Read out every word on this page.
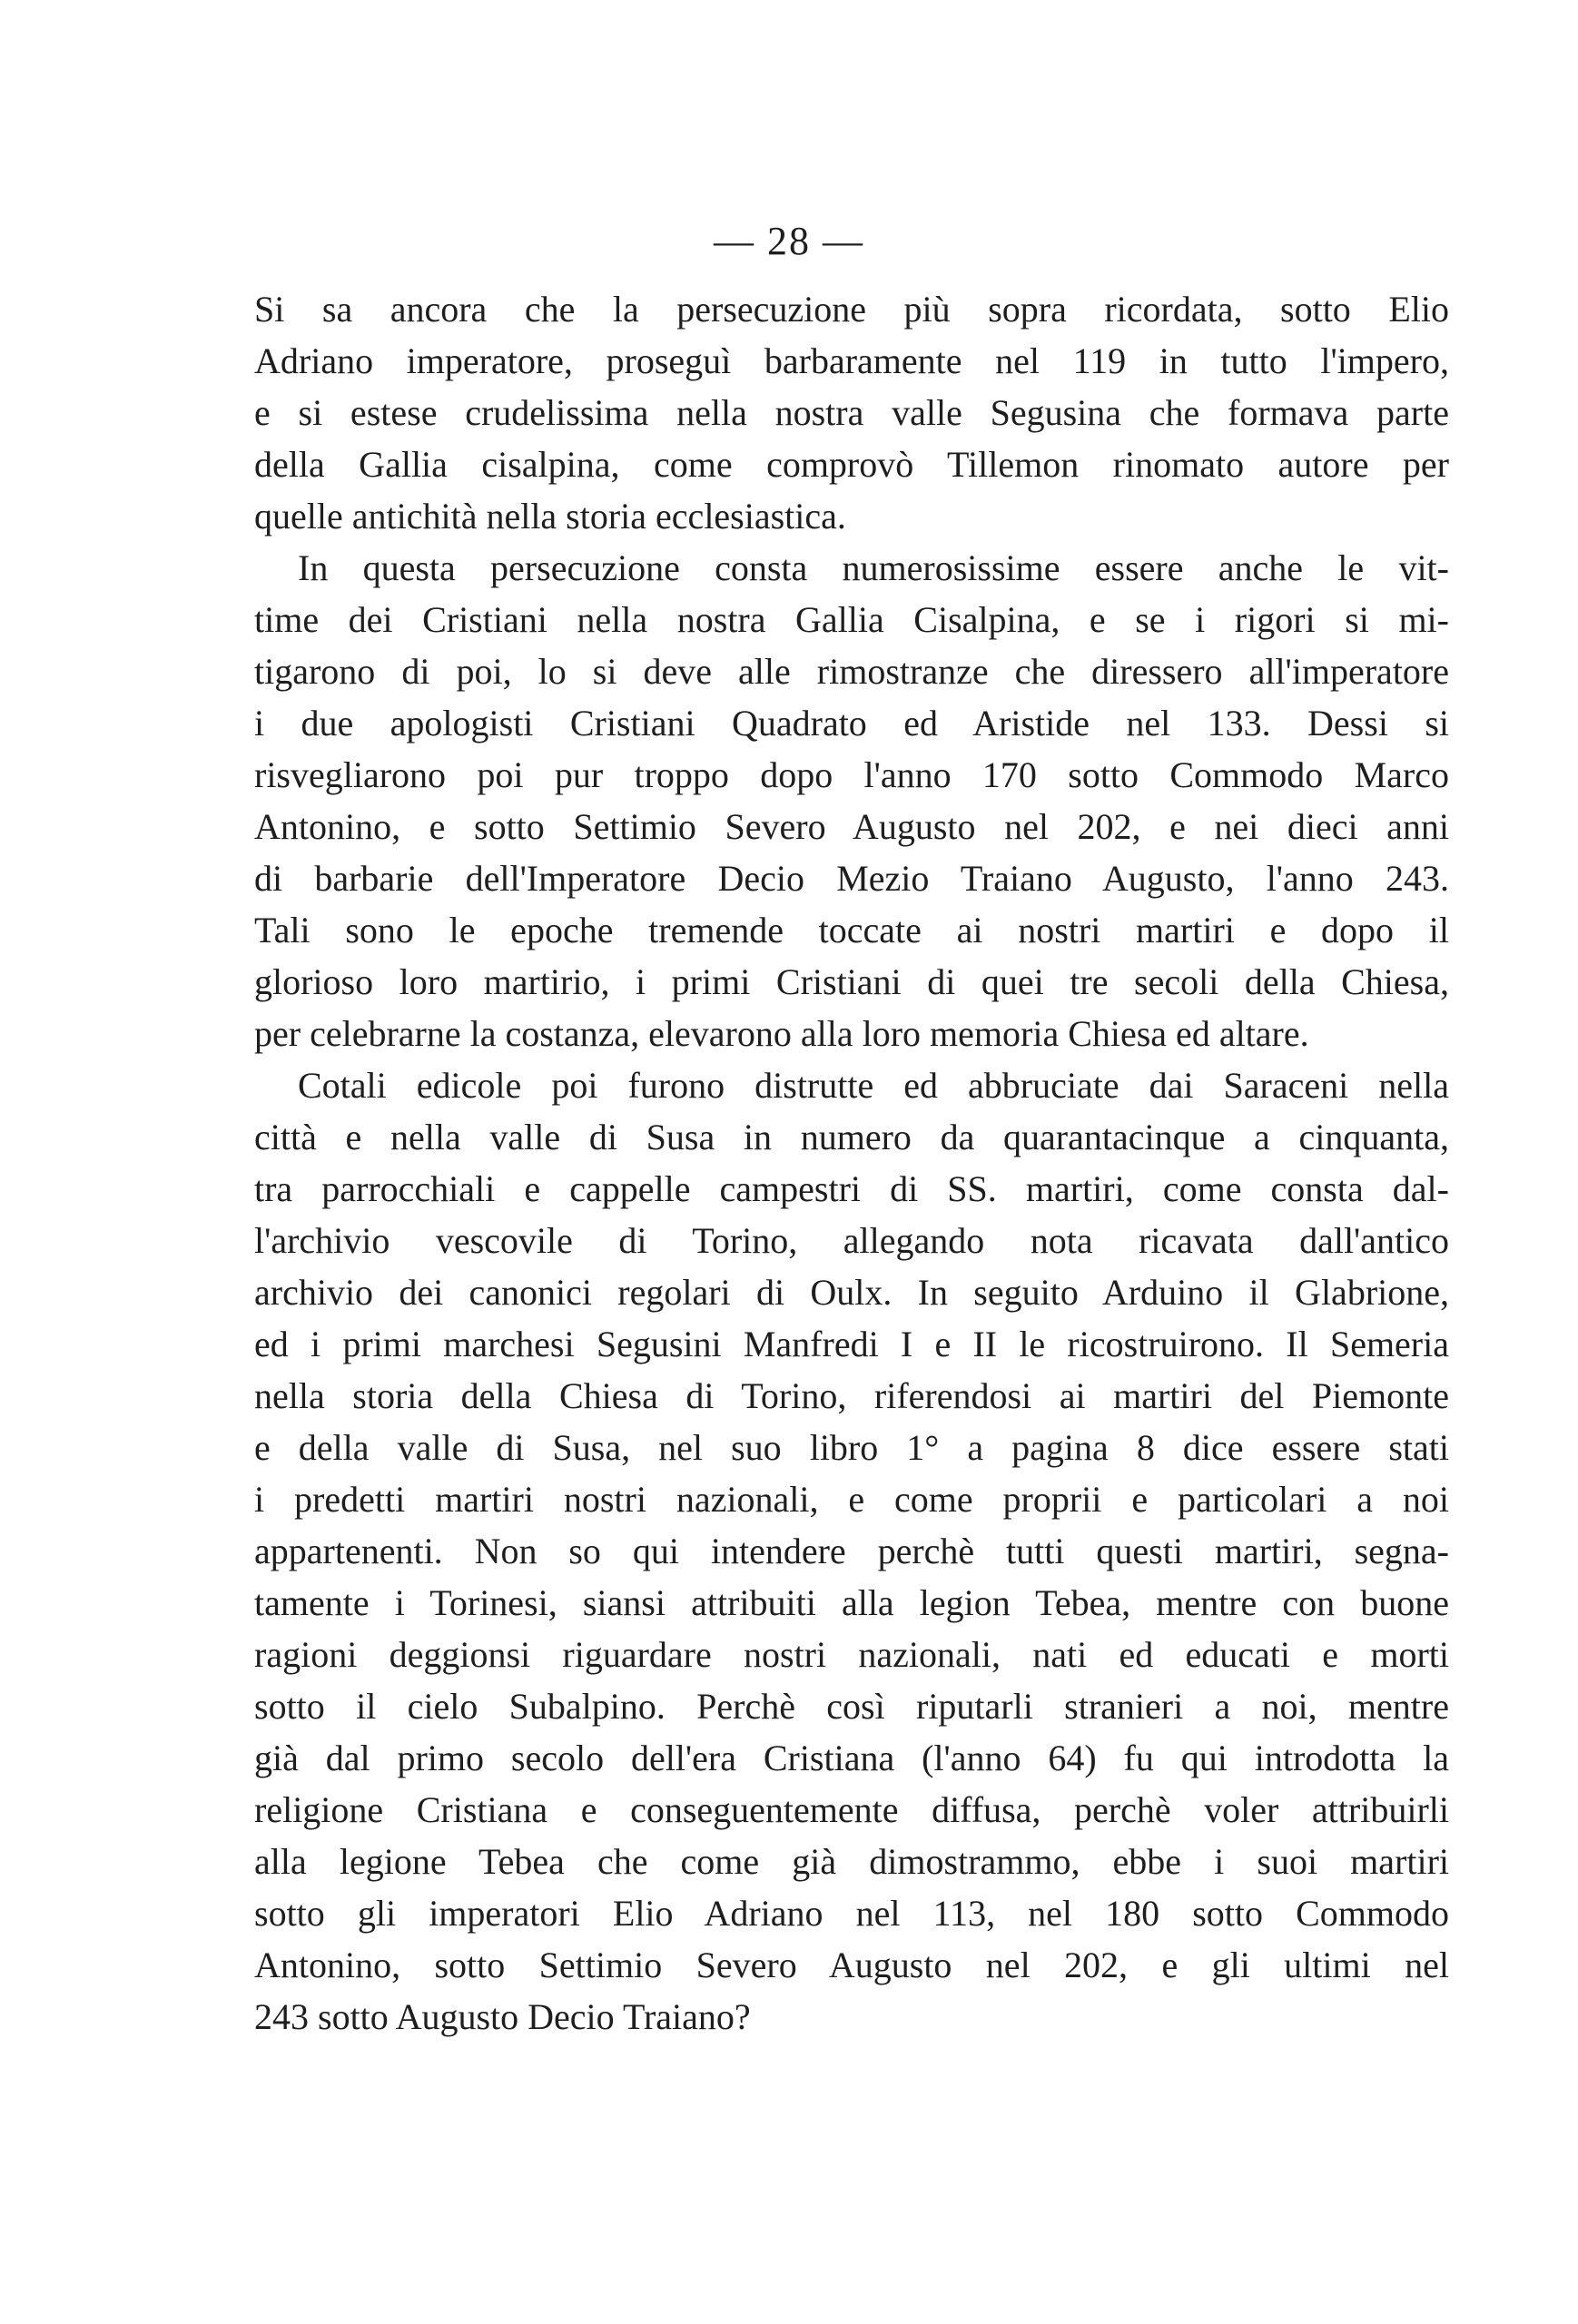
— 28 —
Si sa ancora che la persecuzione più sopra ricordata, sotto Elio
Adriano imperatore, proseguì barbaramente nel 119 in tutto l'impero,
e si estese crudelissima nella nostra valle Segusina che formava parte
della Gallia cisalpina, come comprovò Tillemon rinomato autore per
quelle antichità nella storia ecclesiastica.
In questa persecuzione consta numerosissime essere anche le vit-
time dei Cristiani nella nostra Gallia Cisalpina, e se i rigori si mi-
tigarono di poi, lo si deve alle rimostranze che diressero all'imperatore
i due apologisti Cristiani Quadrato ed Aristide nel 133. Dessi si
risvegliarono poi pur troppo dopo l'anno 170 sotto Commodo Marco
Antonino, e sotto Settimio Severo Augusto nel 202, e nei dieci anni
di barbarie dell'Imperatore Decio Mezio Traiano Augusto, l'anno 243.
Tali sono le epoche tremende toccate ai nostri martiri e dopo il
glorioso loro martirio, i primi Cristiani di quei tre secoli della Chiesa,
per celebrarne la costanza, elevarono alla loro memoria Chiesa ed altare.
Cotali edicole poi furono distrutte ed abbruciate dai Saraceni nella
città e nella valle di Susa in numero da quarantacinque a cinquanta,
tra parrocchiali e cappelle campestri di SS. martiri, come consta dal-
l'archivio vescovile di Torino, allegando nota ricavata dall'antico
archivio dei canonici regolari di Oulx. In seguito Arduino il Glabrione,
ed i primi marchesi Segusini Manfredi I e II le ricostruirono. Il Semeria
nella storia della Chiesa di Torino, riferendosi ai martiri del Piemonte
e della valle di Susa, nel suo libro 1° a pagina 8 dice essere stati
i predetti martiri nostri nazionali, e come proprii e particolari a noi
appartenenti. Non so qui intendere perchè tutti questi martiri, segna-
tamente i Torinesi, siansi attribuiti alla legion Tebea, mentre con buone
ragioni deggionsi riguardare nostri nazionali, nati ed educati e morti
sotto il cielo Subalpino. Perchè così riputarli stranieri a noi, mentre
già dal primo secolo dell'era Cristiana (l'anno 64) fu qui introdotta la
religione Cristiana e conseguentemente diffusa, perchè voler attribuirli
alla legione Tebea che come già dimostrammo, ebbe i suoi martiri
sotto gli imperatori Elio Adriano nel 113, nel 180 sotto Commodo
Antonino, sotto Settimio Severo Augusto nel 202, e gli ultimi nel
243 sotto Augusto Decio Traiano?
